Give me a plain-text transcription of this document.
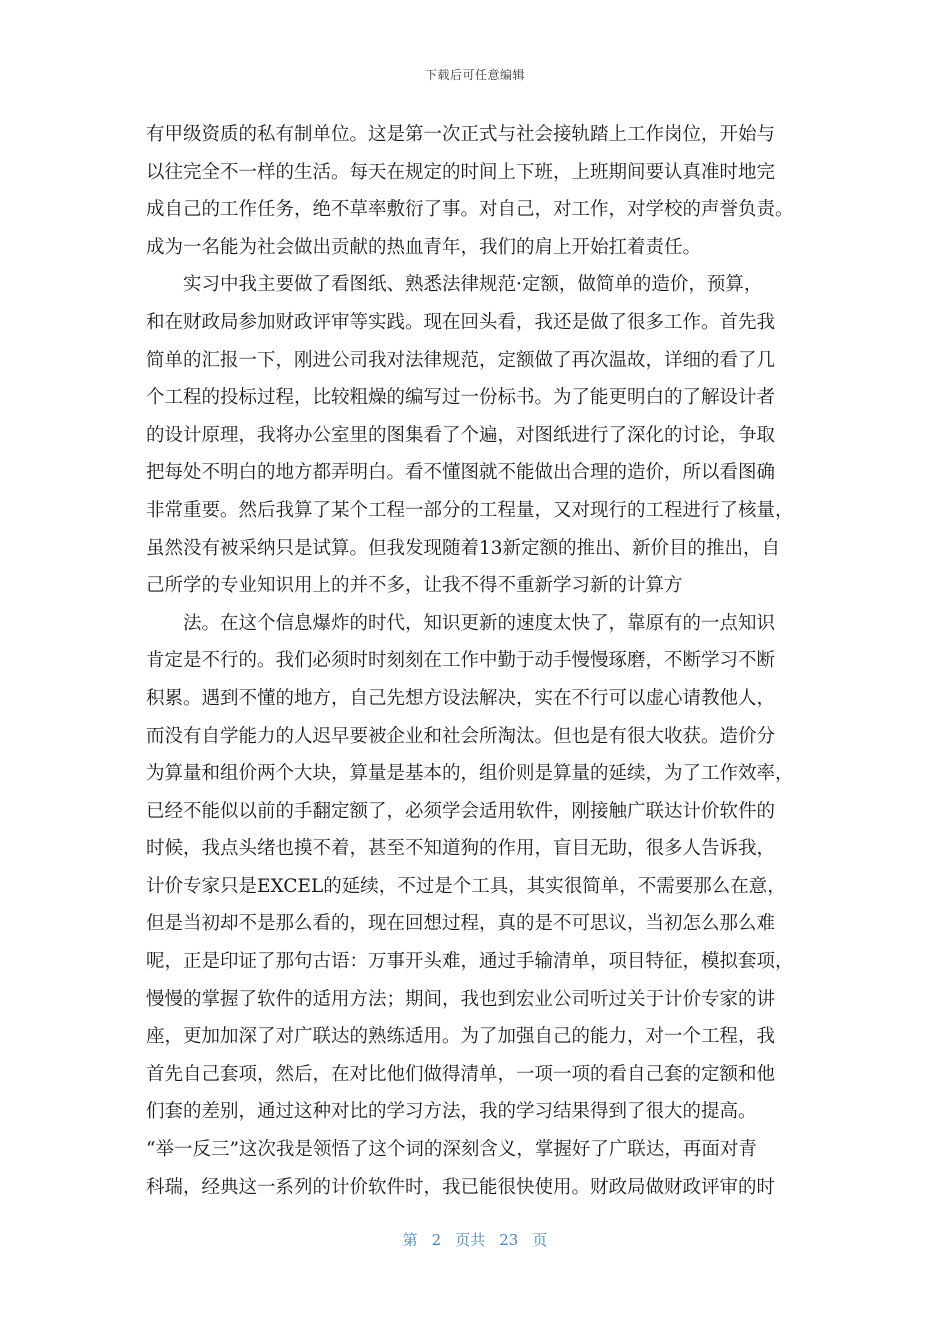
下载后可任意编辑
有甲级资质的私有制单位。这是第一次正式与社会接轨踏上工作岗位，开始与
以往完全不一样的生活。每天在规定的时间上下班，上班期间要认真准时地完
成自己的工作任务，绝不草率敷衍了事。对自己，对工作，对学校的声誉负责。
成为一名能为社会做出贡献的热血青年，我们的肩上开始扛着责任。
实习中我主要做了看图纸、熟悉法律规范·定额，做简单的造价，预算，
和在财政局参加财政评审等实践。现在回头看，我还是做了很多工作。首先我
简单的汇报一下，刚进公司我对法律规范，定额做了再次温故，详细的看了几
个工程的投标过程，比较粗燥的编写过一份标书。为了能更明白的了解设计者
的设计原理，我将办公室里的图集看了个遍，对图纸进行了深化的讨论，争取
把每处不明白的地方都弄明白。看不懂图就不能做出合理的造价，所以看图确
非常重要。然后我算了某个工程一部分的工程量，又对现行的工程进行了核量，
虽然没有被采纳只是试算。但我发现随着13新定额的推出、新价目的推出，自
己所学的专业知识用上的并不多，让我不得不重新学习新的计算方
法。在这个信息爆炸的时代，知识更新的速度太快了，靠原有的一点知识
肯定是不行的。我们必须时时刻刻在工作中勤于动手慢慢琢磨，不断学习不断
积累。遇到不懂的地方，自己先想方设法解决，实在不行可以虚心请教他人，
而没有自学能力的人迟早要被企业和社会所淘汰。但也是有很大收获。造价分
为算量和组价两个大块，算量是基本的，组价则是算量的延续，为了工作效率，
已经不能似以前的手翻定额了，必须学会适用软件，刚接触广联达计价软件的
时候，我点头绪也摸不着，甚至不知道狗的作用，盲目无助，很多人告诉我，
计价专家只是EXCEL的延续，不过是个工具，其实很简单，不需要那么在意，
但是当初却不是那么看的，现在回想过程，真的是不可思议，当初怎么那么难
呢，正是印证了那句古语：万事开头难，通过手输清单，项目特征，模拟套项，
慢慢的掌握了软件的适用方法；期间，我也到宏业公司听过关于计价专家的讲
座，更加加深了对广联达的熟练适用。为了加强自己的能力，对一个工程，我
首先自己套项，然后，在对比他们做得清单，一项一项的看自己套的定额和他
们套的差别，通过这种对比的学习方法，我的学习结果得到了很大的提高。
“举一反三”这次我是领悟了这个词的深刻含义，掌握好了广联达，再面对青
科瑞，经典这一系列的计价软件时，我已能很快使用。财政局做财政评审的时
第 2 页共 23 页
